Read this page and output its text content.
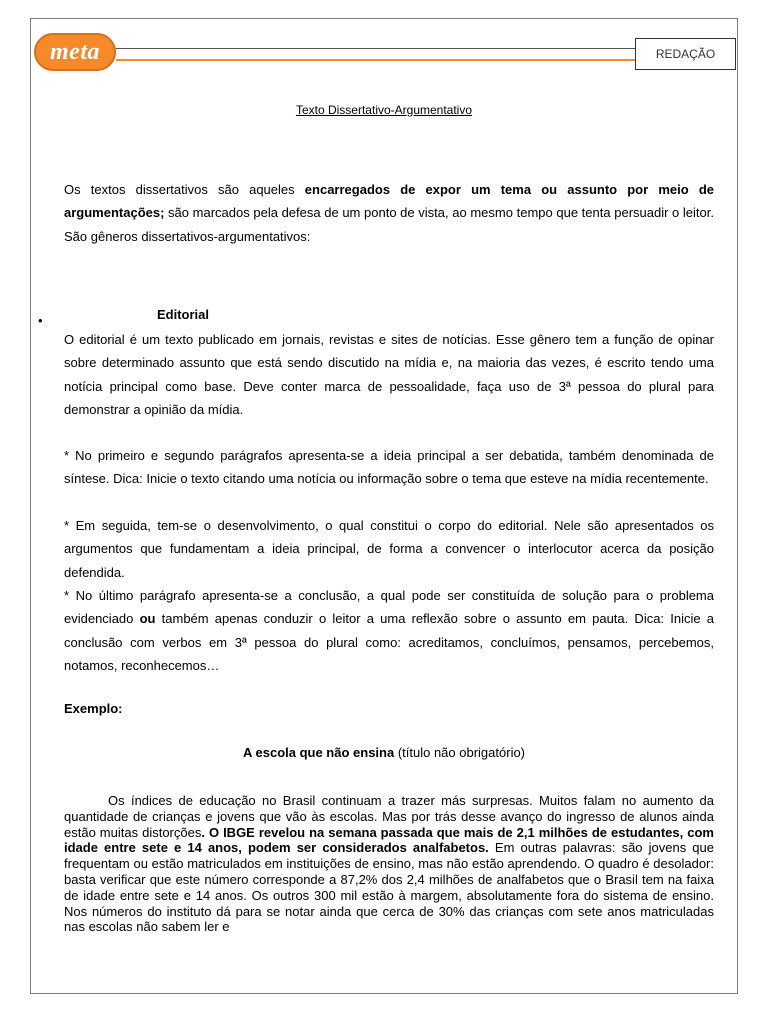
meta	REDAÇÃO
Texto Dissertativo-Argumentativo

Os textos dissertativos são aqueles encarregados de expor um tema ou assunto por meio de argumentações; são marcados pela defesa de um ponto de vista, ao mesmo tempo que tenta persuadir o leitor. São gêneros dissertativos-argumentativos:

•	Editorial

O editorial é um texto publicado em jornais, revistas e sites de notícias. Esse gênero tem a função de opinar sobre determinado assunto que está sendo discutido na mídia e, na maioria das vezes, é escrito tendo uma notícia principal como base. Deve conter marca de pessoalidade, faça uso de 3ª pessoa do plural para demonstrar a opinião da mídia.

* No primeiro e segundo parágrafos apresenta-se a ideia principal a ser debatida, também denominada de síntese. Dica: Inicie o texto citando uma notícia ou informação sobre o tema que esteve na mídia recentemente.

* Em seguida, tem-se o desenvolvimento, o qual constitui o corpo do editorial. Nele são apresentados os argumentos que fundamentam a ideia principal, de forma a convencer o interlocutor acerca da posição defendida.

* No último parágrafo apresenta-se a conclusão, a qual pode ser constituída de solução para o problema evidenciado ou também apenas conduzir o leitor a uma reflexão sobre o assunto em pauta. Dica: Inicie a conclusão com verbos em 3ª pessoa do plural como: acreditamos, concluímos, pensamos, percebemos, notamos, reconhecemos…

Exemplo:
A escola que não ensina (título não obrigatório)

Os índices de educação no Brasil continuam a trazer más surpresas. Muitos falam no aumento da quantidade de crianças e jovens que vão às escolas. Mas por trás desse avanço do ingresso de alunos ainda estão muitas distorções. O IBGE revelou na semana passada que mais de 2,1 milhões de estudantes, com idade entre sete e 14 anos, podem ser considerados analfabetos. Em outras palavras: são jovens que frequentam ou estão matriculados em instituições de ensino, mas não estão aprendendo. O quadro é desolador: basta verificar que este número corresponde a 87,2% dos 2,4 milhões de analfabetos que o Brasil tem na faixa de idade entre sete e 14 anos. Os outros 300 mil estão à margem, absolutamente fora do sistema de ensino. Nos números do instituto dá para se notar ainda que cerca de 30% das crianças com sete anos matriculadas nas escolas não sabem ler e
